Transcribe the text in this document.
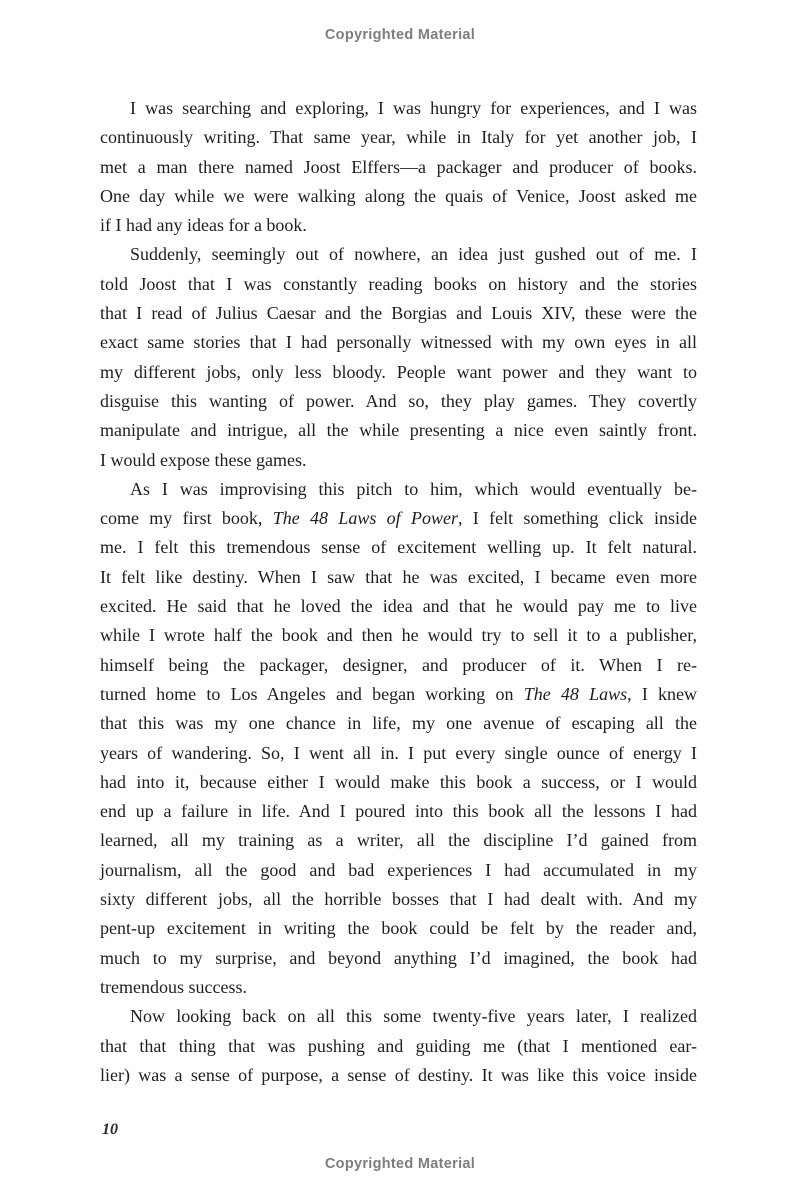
Copyrighted Material
I was searching and exploring, I was hungry for experiences, and I was
continuously writing. That same year, while in Italy for yet another job, I
met a man there named Joost Elffers—a packager and producer of books.
One day while we were walking along the quais of Venice, Joost asked me
if I had any ideas for a book.
Suddenly, seemingly out of nowhere, an idea just gushed out of me. I
told Joost that I was constantly reading books on history and the stories
that I read of Julius Caesar and the Borgias and Louis XIV, these were the
exact same stories that I had personally witnessed with my own eyes in all
my different jobs, only less bloody. People want power and they want to
disguise this wanting of power. And so, they play games. They covertly
manipulate and intrigue, all the while presenting a nice even saintly front.
I would expose these games.
As I was improvising this pitch to him, which would eventually be-
come my first book, The 48 Laws of Power, I felt something click inside
me. I felt this tremendous sense of excitement welling up. It felt natural.
It felt like destiny. When I saw that he was excited, I became even more
excited. He said that he loved the idea and that he would pay me to live
while I wrote half the book and then he would try to sell it to a publisher,
himself being the packager, designer, and producer of it. When I re-
turned home to Los Angeles and began working on The 48 Laws, I knew
that this was my one chance in life, my one avenue of escaping all the
years of wandering. So, I went all in. I put every single ounce of energy I
had into it, because either I would make this book a success, or I would
end up a failure in life. And I poured into this book all the lessons I had
learned, all my training as a writer, all the discipline I’d gained from
journalism, all the good and bad experiences I had accumulated in my
sixty different jobs, all the horrible bosses that I had dealt with. And my
pent-up excitement in writing the book could be felt by the reader and,
much to my surprise, and beyond anything I’d imagined, the book had
tremendous success.
Now looking back on all this some twenty-five years later, I realized
that that thing that was pushing and guiding me (that I mentioned ear-
lier) was a sense of purpose, a sense of destiny. It was like this voice inside
10
Copyrighted Material
